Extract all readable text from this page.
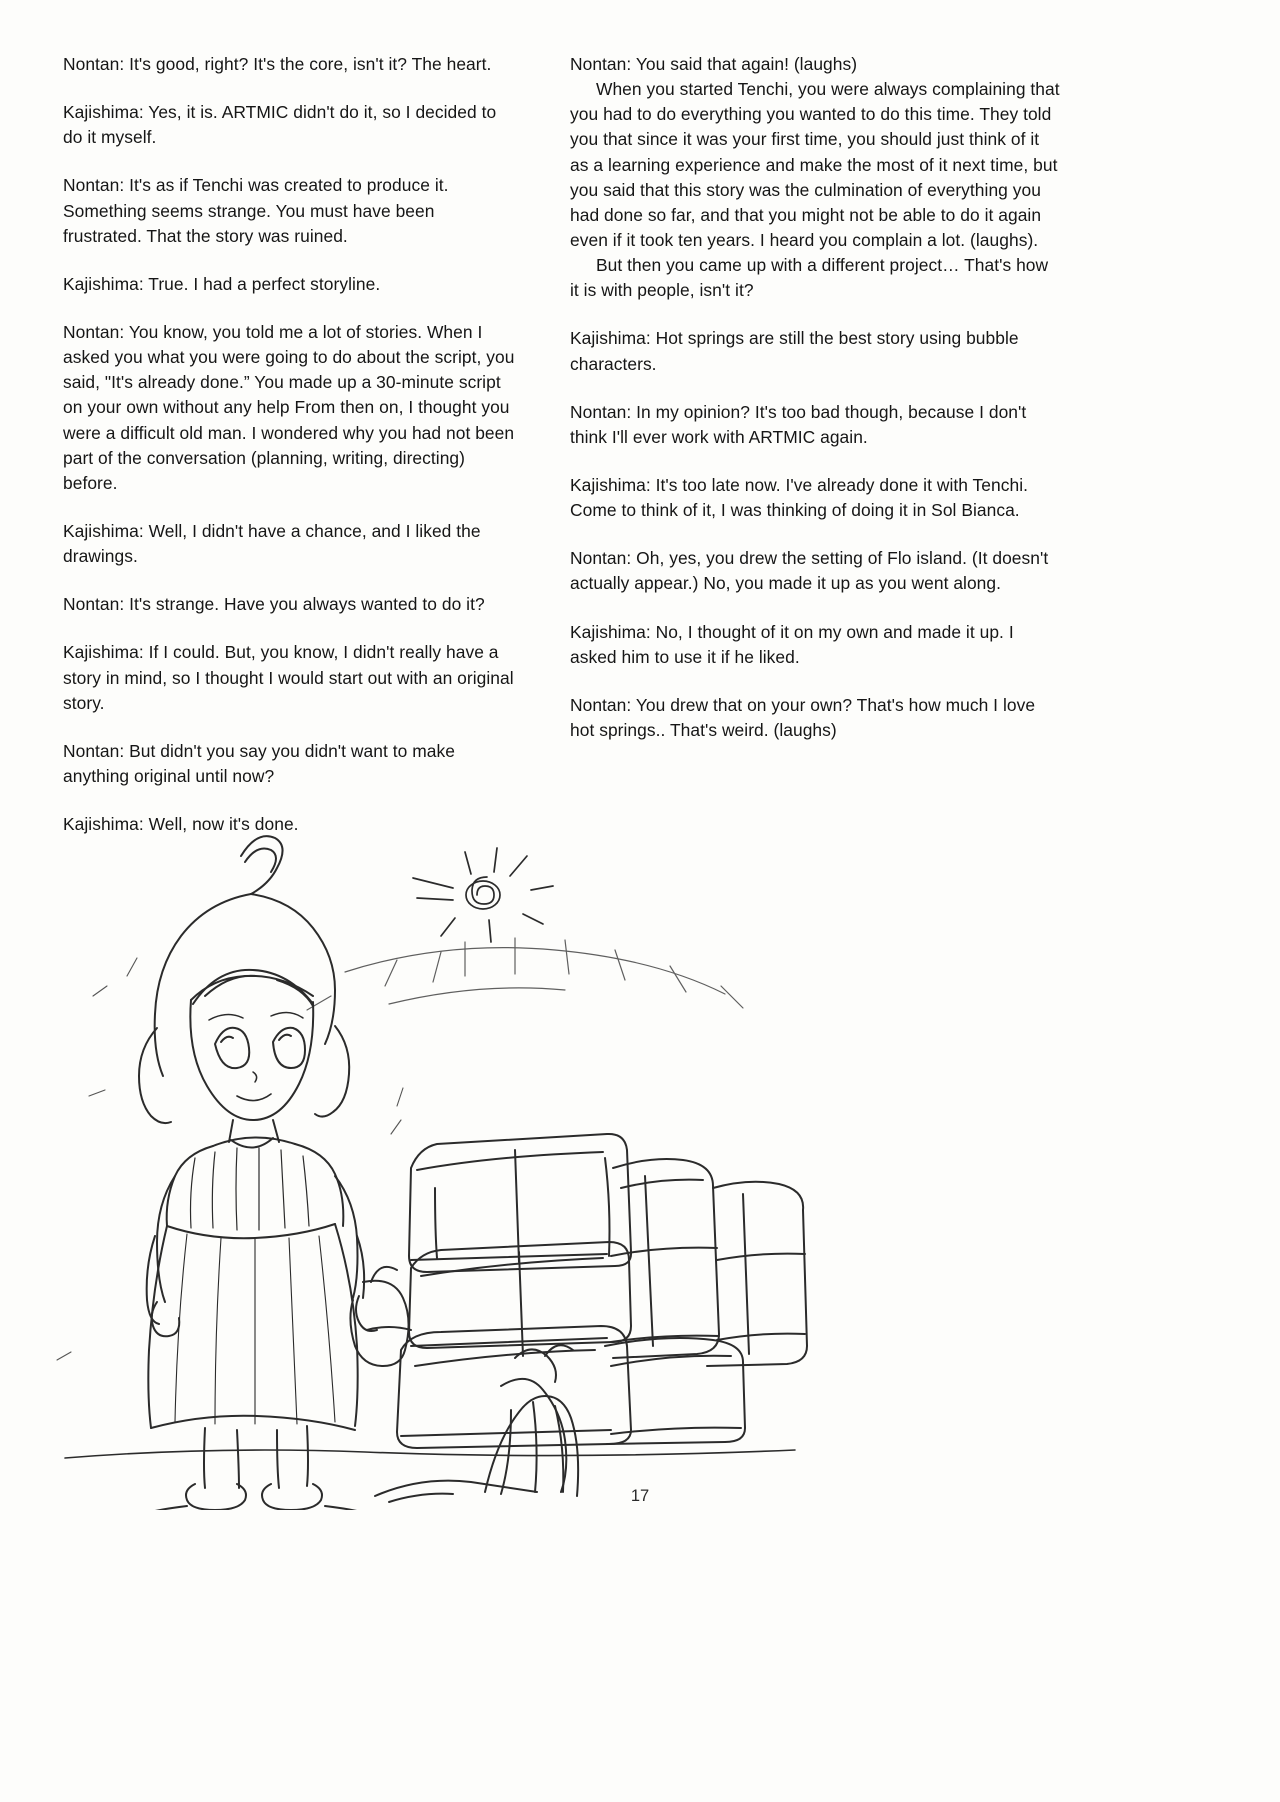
Nontan: It's good, right? It's the core, isn't it? The heart.

Kajishima: Yes, it is. ARTMIC didn't do it, so I decided to do it myself.

Nontan: It's as if Tenchi was created to produce it. Something seems strange. You must have been frustrated. That the story was ruined.

Kajishima: True. I had a perfect storyline.

Nontan: You know, you told me a lot of stories. When I asked you what you were going to do about the script, you said, "It's already done.” You made up a 30-minute script on your own without any help From then on, I thought you were a difficult old man. I wondered why you had not been part of the conversation (planning, writing, directing) before.

Kajishima: Well, I didn't have a chance, and I liked the drawings.

Nontan: It's strange. Have you always wanted to do it?

Kajishima: If I could. But, you know, I didn't really have a story in mind, so I thought I would start out with an original story.

Nontan: But didn't you say you didn't want to make anything original until now?

Kajishima: Well, now it's done.

Nontan: You said that again! (laughs)

When you started Tenchi, you were always complaining that you had to do everything you wanted to do this time. They told you that since it was your first time, you should just think of it as a learning experience and make the most of it next time, but you said that this story was the culmination of everything you had done so far, and that you might not be able to do it again even if it took ten years. I heard you complain a lot. (laughs).

But then you came up with a different project… That's how it is with people, isn't it?

Kajishima: Hot springs are still the best story using bubble characters.

Nontan: In my opinion? It's too bad though, because I don't think I'll ever work with ARTMIC again.

Kajishima: It's too late now. I've already done it with Tenchi. Come to think of it, I was thinking of doing it in Sol Bianca.

Nontan: Oh, yes, you drew the setting of Flo island. (It doesn't actually appear.) No, you made it up as you went along.

Kajishima: No, I thought of it on my own and made it up. I asked him to use it if he liked.

Nontan: You drew that on your own? That's how much I love hot springs.. That's weird. (laughs)

17
